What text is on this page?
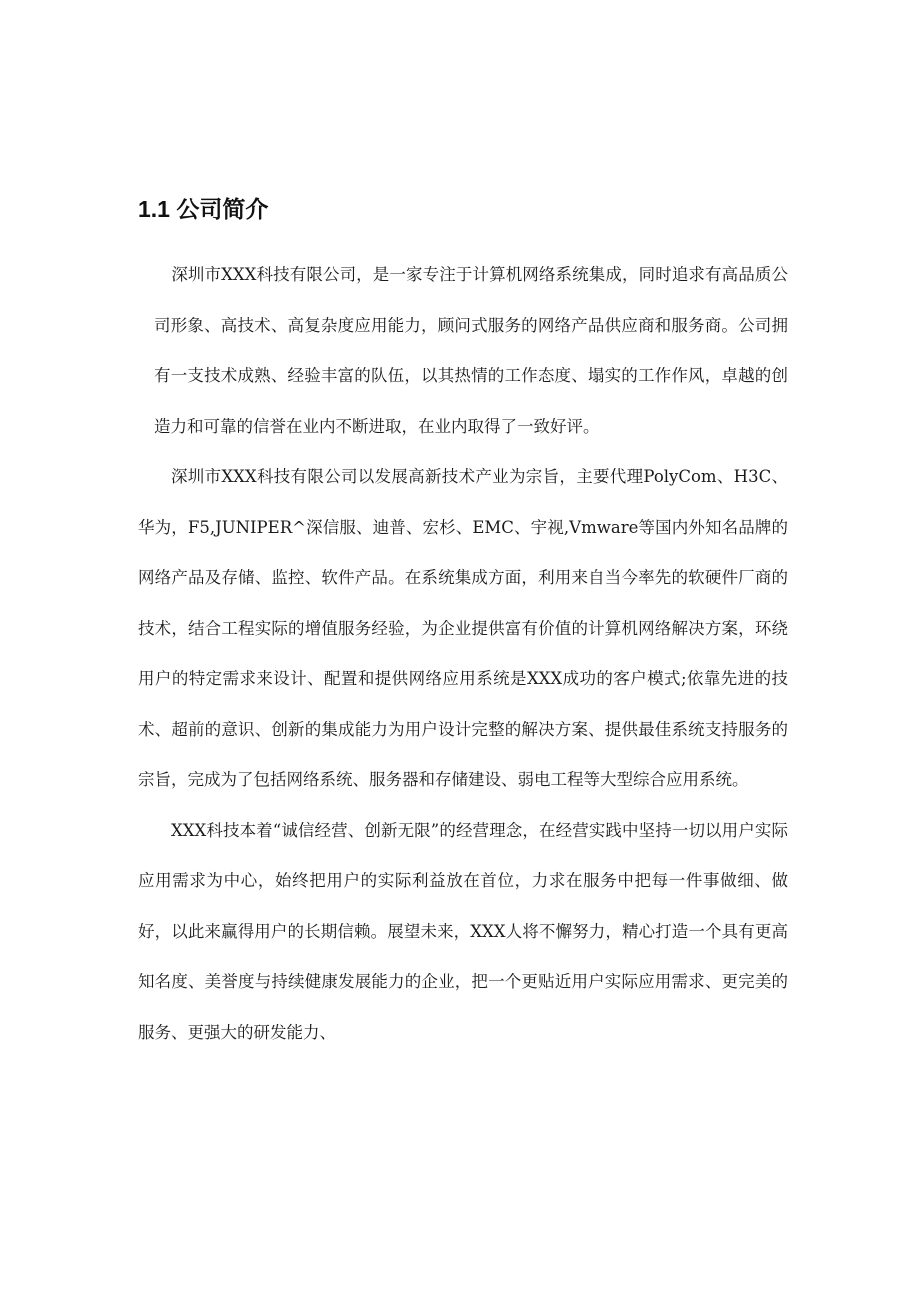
1.1 公司简介

深圳市XXX科技有限公司，是一家专注于计算机网络系统集成，同时追求有高品质公司形象、高技术、高复杂度应用能力，顾问式服务的网络产品供应商和服务商。公司拥有一支技术成熟、经验丰富的队伍，以其热情的工作态度、塌实的工作作风，卓越的创造力和可靠的信誉在业内不断进取，在业内取得了一致好评。

深圳市XXX科技有限公司以发展高新技术产业为宗旨，主要代理PolyCom、H3C、华为，F5,JUNIPER^深信服、迪普、宏杉、EMC、宇视,Vmware等国内外知名品牌的网络产品及存储、监控、软件产品。在系统集成方面，利用来自当今率先的软硬件厂商的技术，结合工程实际的增值服务经验，为企业提供富有价值的计算机网络解决方案，环绕用户的特定需求来设计、配置和提供网络应用系统是XXX成功的客户模式;依靠先进的技术、超前的意识、创新的集成能力为用户设计完整的解决方案、提供最佳系统支持服务的宗旨，完成为了包括网络系统、服务器和存储建设、弱电工程等大型综合应用系统。

XXX科技本着“诚信经营、创新无限”的经营理念，在经营实践中坚持一切以用户实际应用需求为中心，始终把用户的实际利益放在首位，力求在服务中把每一件事做细、做好，以此来赢得用户的长期信赖。展望未来，XXX人将不懈努力，精心打造一个具有更高知名度、美誉度与持续健康发展能力的企业，把一个更贴近用户实际应用需求、更完美的服务、更强大的研发能力、
